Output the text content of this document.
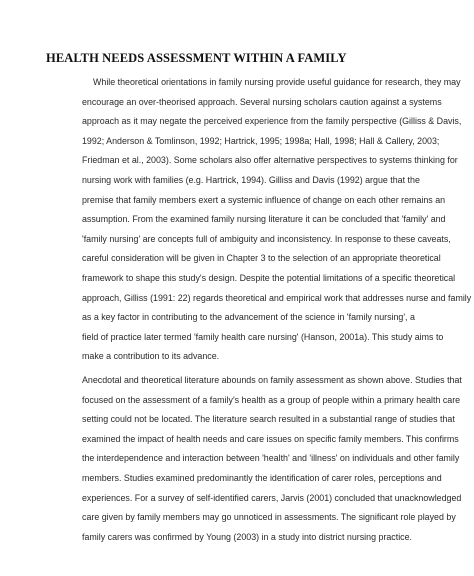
HEALTH NEEDS ASSESSMENT WITHIN A FAMILY
While theoretical orientations in family nursing provide useful guidance for research, they may
encourage an over-theorised approach. Several nursing scholars caution against a systems
approach as it may negate the perceived experience from the family perspective (Gilliss & Davis,
1992; Anderson & Tomlinson, 1992; Hartrick, 1995; 1998a; Hall, 1998; Hall & Callery, 2003;
Friedman et al., 2003). Some scholars also offer alternative perspectives to systems thinking for
nursing work with families (e.g. Hartrick, 1994). Gilliss and Davis (1992) argue that the
premise that family members exert a systemic influence of change on each other remains an
assumption. From the examined family nursing literature it can be concluded that 'family' and
'family nursing' are concepts full of ambiguity and inconsistency. In response to these caveats,
careful consideration will be given in Chapter 3 to the selection of an appropriate theoretical
framework to shape this study's design. Despite the potential limitations of a specific theoretical
approach, Gilliss (1991: 22) regards theoretical and empirical work that addresses nurse and family
as a key factor in contributing to the advancement of the science in 'family nursing', a
field of practice later termed 'family health care nursing' (Hanson, 2001a). This study aims to
make a contribution to its advance.
Anecdotal and theoretical literature abounds on family assessment as shown above. Studies that
focused on the assessment of a family's health as a group of people within a primary health care
setting could not be located. The literature search resulted in a substantial range of studies that
examined the impact of health needs and care issues on specific family members. This confirms
the interdependence and interaction between 'health' and 'illness' on individuals and other family
members. Studies examined predominantly the identification of carer roles, perceptions and
experiences. For a survey of self-identified carers, Jarvis (2001) concluded that unacknowledged
care given by family members may go unnoticed in assessments. The significant role played by
family carers was confirmed by Young (2003) in a study into district nursing practice.
